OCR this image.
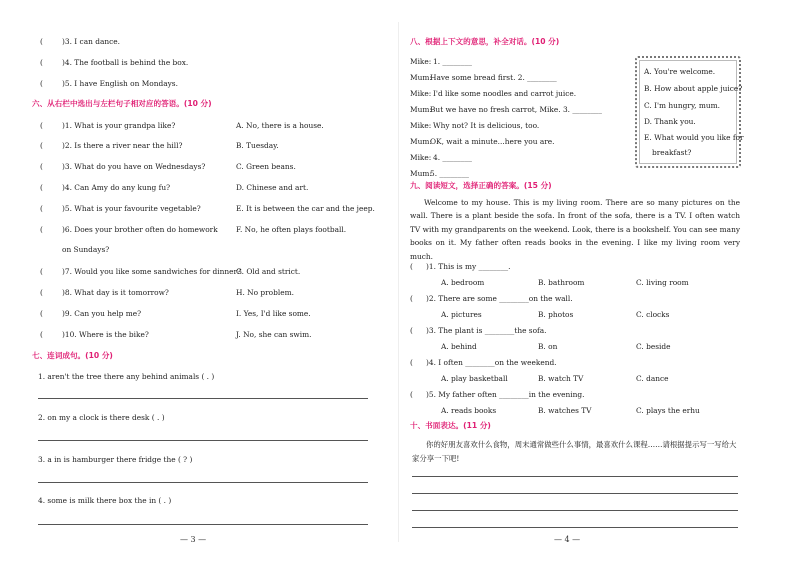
(	)3. I can dance.
(	)4. The football is behind the box.
(	)5. I have English on Mondays.
六、从右栏中选出与左栏句子相对应的答语。(10 分)
(	)1. What is your grandpa like?	A. No, there is a house.
(	)2. Is there a river near the hill?	B. Tuesday.
(	)3. What do you have on Wednesdays?	C. Green beans.
(	)4. Can Amy do any kung fu?	D. Chinese and art.
(	)5. What is your favourite vegetable?	E. It is between the car and the jeep.
(	)6. Does your brother often do homework F. No, he often plays football.
on Sundays?
(	)7. Would you like some sandwiches for dinner?
G. Old and strict.
(	)8. What day is it tomorrow?	H. No problem.
(	)9. Can you help me?	I. Yes, I'd like some.
(	)10. Where is the bike?	J. No, she can swim.
七、连词成句。(10 分)
1. aren't the tree there any behind animals ( . )
2. on my a clock is there desk ( . )
3. a in is hamburger there fridge the ( ? )
4. some is milk there box the in ( . )
— 3 —
八、根据上下文的意思，补全对话。(10 分)
Mike: 1. ________
Mum:
Have some bread first. 2. ________
Mike: I'd like some noodles and carrot juice.
Mum:
But we have no fresh carrot, Mike. 3. ________
Mike: Why not? It is delicious, too.
Mum:
OK, wait a minute...here you are.
Mike: 4. ________
Mum:
5. ________
A. You're welcome.
B. How about apple juice?
C. I'm hungry, mum.
D. Thank you.
E. What would you like for
breakfast?
九、阅读短文，选择正确的答案。(15 分)
Welcome to my house. This is my living room. There are so many pictures on the wall. There is a plant beside the sofa. In front of the sofa, there is a TV. I often watch TV with my grandparents on the weekend. Look, there is a bookshelf. You can see many books on it. My father often reads books in the evening. I like my living room very much.
( )1. This is my ________.
A. bedroom	B. bathroom	C. living room
( )2. There are some ________on the wall.
A. pictures	B. photos	C. clocks
( )3. The plant is ________the sofa.
A. behind	B. on	C. beside
( )4. I often ________on the weekend.
A. play basketball	B. watch TV	C. dance
( )5. My father often ________in the evening.
A. reads books	B. watches TV	C. plays the erhu
十、书面表达。(11 分)
你的好朋友喜欢什么食物，周末通常做些什么事情，最喜欢什么课程……请根据提示写一写给大家分享一下吧!
— 4 —
